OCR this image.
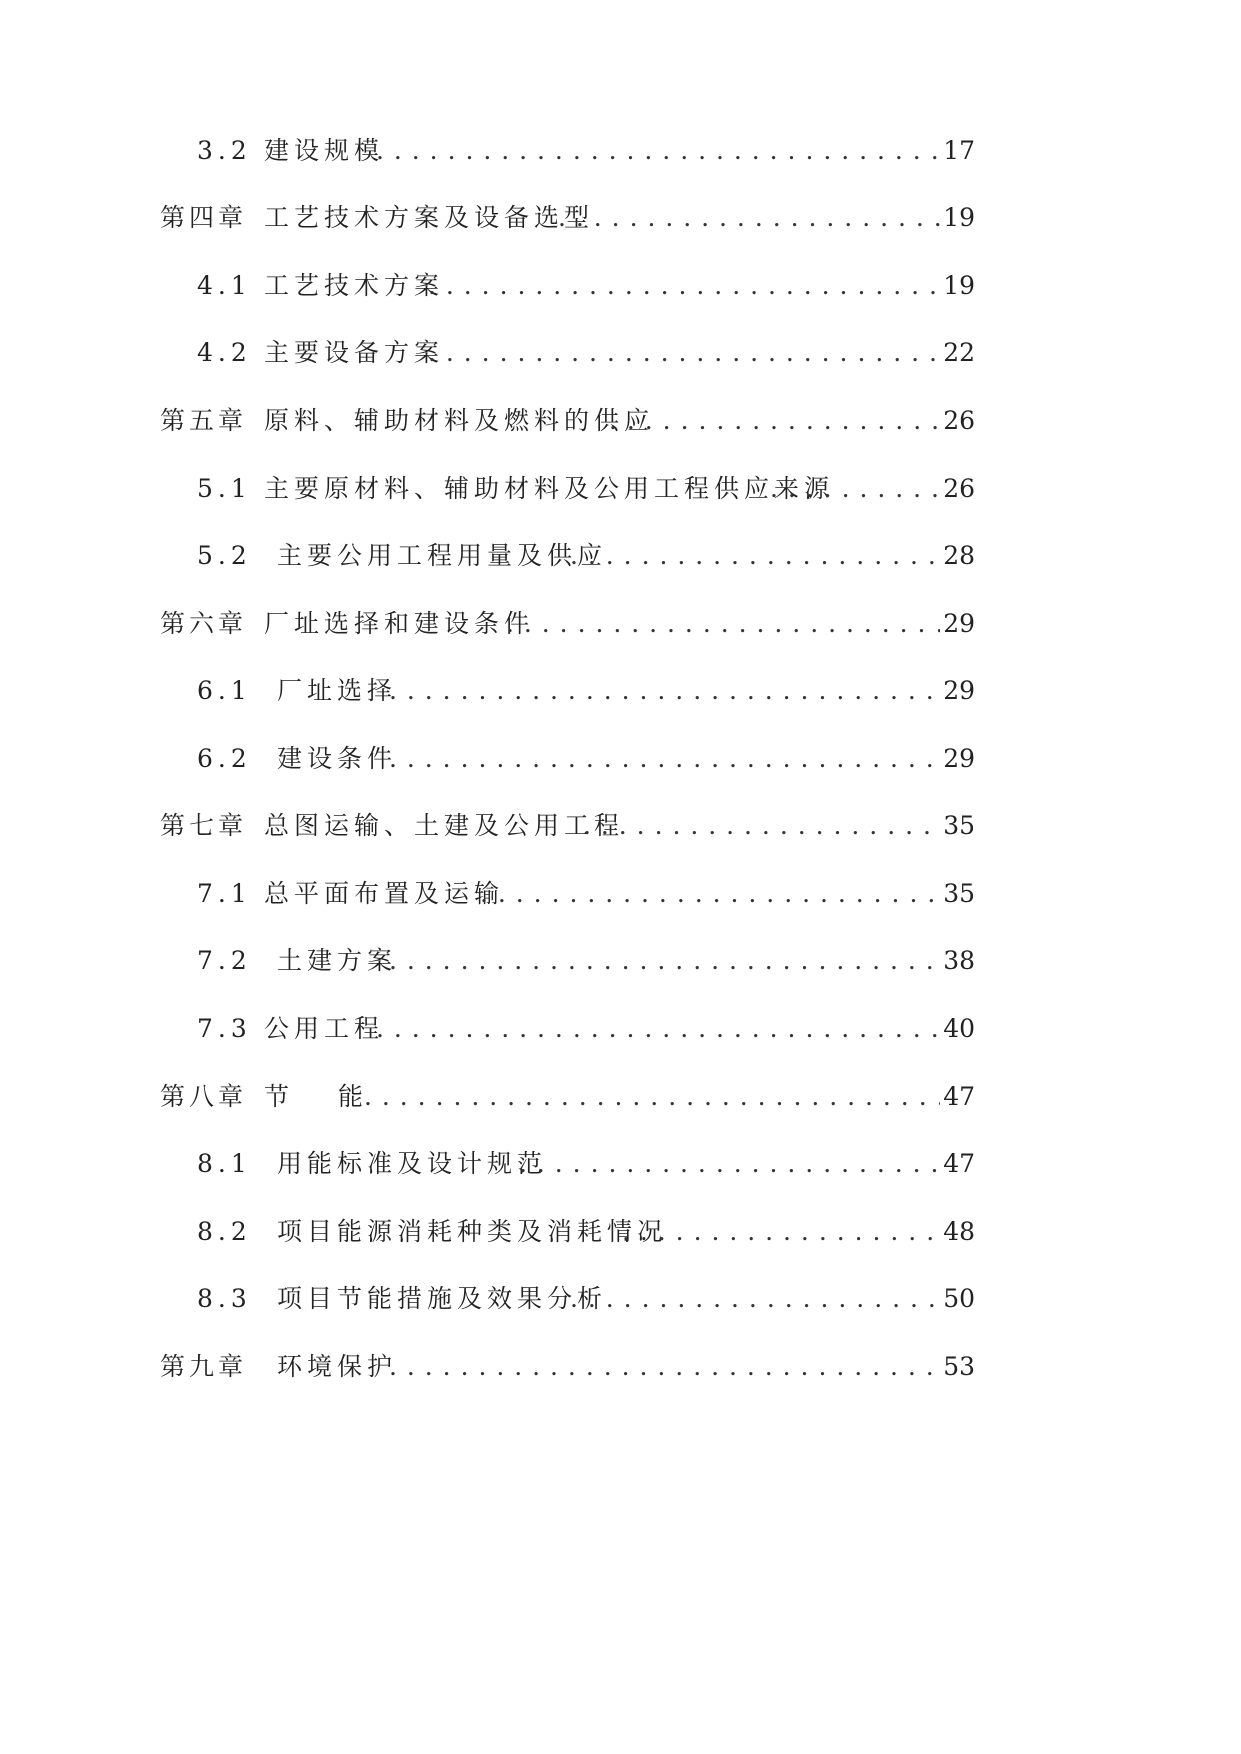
3.2 建设规模 . . .	17
第四章 工艺技术方案及设备选型 . . .	19
4.1 工艺技术方案 . . .	19
4.2 主要设备方案 . . .	22
第五章 原料、辅助材料及燃料的供应 . . .	26
5.1 主要原材料、辅助材料及公用工程供应来源 . . .	26
5.2 主要公用工程用量及供应 . . .	28
第六章 厂址选择和建设条件 . . .	29
6.1 厂址选择 . . .	29
6.2 建设条件 . . .	29
第七章 总图运输、土建及公用工程 . . .	35
7.1 总平面布置及运输 . . .	35
7.2 土建方案 . . .	38
7.3 公用工程 . . .	40
第八章 节　能 . . .	47
8.1 用能标准及设计规范 . . .	47
8.2 项目能源消耗种类及消耗情况 . . .	48
8.3 项目节能措施及效果分析 . . .	50
第九章 环境保护 . . .	53
